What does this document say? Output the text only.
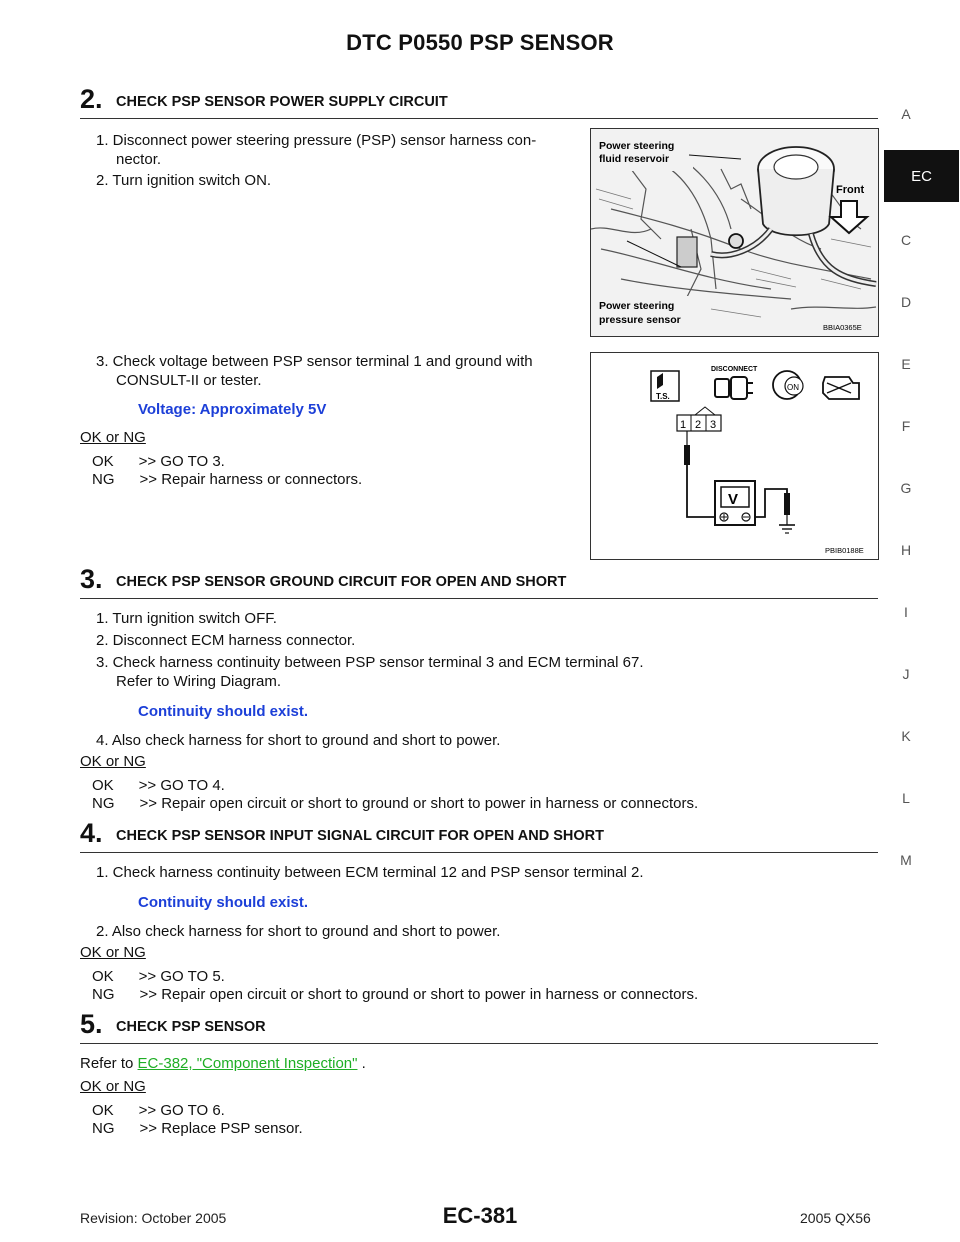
DTC P0550 PSP SENSOR
A
EC
C
D
E
F
G
H
I
J
K
L
M
2. CHECK PSP SENSOR POWER SUPPLY CIRCUIT
1. Disconnect power steering pressure (PSP) sensor harness con-
nector.
2. Turn ignition switch ON.
3. Check voltage between PSP sensor terminal 1 and ground with
CONSULT-II or tester.
Voltage: Approximately 5V
OK or NG
OK      >> GO TO 3.
NG      >> Repair harness or connectors.
Front
Power steering
fluid reservoir
Power steering
pressure sensor
BBIA0365E
T.S.
DISCONNECT
ON
1 2 3
V
PBIB0188E
3. CHECK PSP SENSOR GROUND CIRCUIT FOR OPEN AND SHORT
1. Turn ignition switch OFF.
2. Disconnect ECM harness connector.
3. Check harness continuity between PSP sensor terminal 3 and ECM terminal 67.
Refer to Wiring Diagram.
Continuity should exist.
4. Also check harness for short to ground and short to power.
OK or NG
OK      >> GO TO 4.
NG      >> Repair open circuit or short to ground or short to power in harness or connectors.
4. CHECK PSP SENSOR INPUT SIGNAL CIRCUIT FOR OPEN AND SHORT
1. Check harness continuity between ECM terminal 12 and PSP sensor terminal 2.
Continuity should exist.
2. Also check harness for short to ground and short to power.
OK or NG
OK      >> GO TO 5.
NG      >> Repair open circuit or short to ground or short to power in harness or connectors.
5. CHECK PSP SENSOR
Refer to EC-382, "Component Inspection" .
OK or NG
OK      >> GO TO 6.
NG      >> Replace PSP sensor.
Revision: October 2005	EC-381	2005 QX56
